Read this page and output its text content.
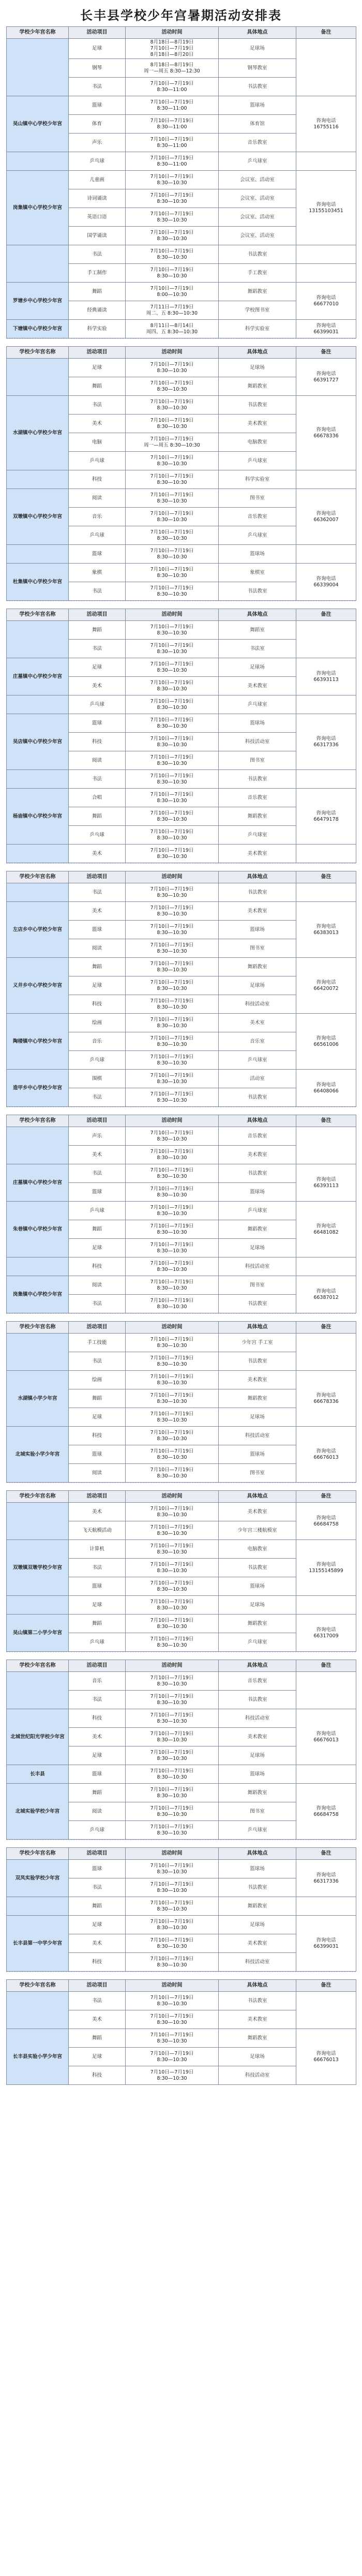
长丰县学校少年宫暑期活动安排表
学校少年宫名称	活动项目	活动时间	具体地点	备注
	足球	8月18日—8月19日
7月10日—7月19日
8月18日—8月20日	足球场	
	钢琴	8月18日—8月19日
周一—周五 8:30—12:30	钢琴教室	
	书法	7月10日—7月19日
8:30—11:00	书法教室	
吴山镇中心学校少年宫	篮球	7月10日—7月19日
8:30—11:00	篮球场	咨询电话
16755116
	体育	7月10日—7月19日
8:30—11:00	体育馆	
	声乐	7月10日—7月19日
8:30—11:00	音乐教室	
	乒乓球	7月10日—7月19日
8:30—11:00	乒乓球室	
岗集镇中心学校少年宫	儿童画	7月10日—7月19日
8:30—10:30	会议室、活动室	咨询电话
13155103451
	诗词诵读	7月10日—7月19日
8:30—10:30	会议室、活动室	
	英语口语	7月10日—7月19日
8:30—10:30	会议室、活动室	
	国学诵读	7月10日—7月19日
8:30—10:30	会议室、活动室	
	书法	7月10日—7月19日
8:30—10:30	书法教室	
	手工制作	7月10日—7月19日
8:30—10:30	手工教室	
罗塘乡中心学校少年宫	舞蹈	7月10日—7月19日
8:00—10:30	舞蹈教室	咨询电话
66677010
	经典诵读	7月11日—7月19日
周二、五 8:30—10:30	学校图书室	
下塘镇中心学校少年宫	科学实验	8月11日—8月14日
周四、五 8:30—10:30	科学实验室	咨询电话
66399031
学校少年宫名称	活动项目	活动时间	具体地点	备注
	足球	7月10日—7月19日
8:30—10:30	足球场	咨询电话
66391727
	舞蹈	7月10日—7月19日
8:30—10:30	舞蹈教室	
水湖镇中心学校少年宫	书法	7月10日—7月19日
8:30—10:30	书法教室	咨询电话
66678336
	美术	7月10日—7月19日
8:30—10:30	美术教室	
	电脑	7月10日—7月19日
周一—周五 8:30—10:30	电脑教室	
	乒乓球	7月10日—7月19日
8:30—10:30	乒乓球室	
	科技	7月10日—7月19日
8:30—10:30	科学实验室	
双墩镇中心学校少年宫	阅读	7月10日—7月19日
8:30—10:30	图书室	咨询电话
66362007
	音乐	7月10日—7月19日
8:30—10:30	音乐教室	
	乒乓球	7月10日—7月19日
8:30—10:30	乒乓球室	
	篮球	7月10日—7月19日
8:30—10:30	篮球场	
杜集镇中心学校少年宫	象棋	7月10日—7月19日
8:30—10:30	象棋室	咨询电话
66339004
	书法	7月10日—7月19日
8:30—10:30	书法教室	
学校少年宫名称	活动项目	活动时间	具体地点	备注
	舞蹈	7月10日—7月19日
8:30—10:30	舞蹈室	
	书法	7月10日—7月19日
8:30—10:30	书法室	
庄墓镇中心学校少年宫	足球	7月10日—7月19日
8:30—10:30	足球场	咨询电话
66393113
	美术	7月10日—7月19日
8:30—10:30	美术教室	
	乒乓球	7月10日—7月19日
8:30—10:30	乒乓球室	
吴店镇中心学校少年宫	篮球	7月10日—7月19日
8:30—10:30	篮球场	咨询电话
66317336
	科技	7月10日—7月19日
8:30—10:30	科技活动室	
	阅读	7月10日—7月19日
8:30—10:30	图书室	
	书法	7月10日—7月19日
8:30—10:30	书法教室	
杨庙镇中心学校少年宫	合唱	7月10日—7月19日
8:30—10:30	音乐教室	咨询电话
66479178
	舞蹈	7月10日—7月19日
8:30—10:30	舞蹈教室	
	乒乓球	7月10日—7月19日
8:30—10:30	乒乓球室	
	美术	7月10日—7月19日
8:30—10:30	美术教室	
学校少年宫名称	活动项目	活动时间	具体地点	备注
	书法	7月10日—7月19日
8:30—10:30	书法教室	
左店乡中心学校少年宫	美术	7月10日—7月19日
8:30—10:30	美术教室	咨询电话
66383013
	篮球	7月10日—7月19日
8:30—10:30	篮球场	
	阅读	7月10日—7月19日
8:30—10:30	图书室	
义井乡中心学校少年宫	舞蹈	7月10日—7月19日
8:30—10:30	舞蹈教室	咨询电话
66420072
	足球	7月10日—7月19日
8:30—10:30	足球场	
	科技	7月10日—7月19日
8:30—10:30	科技活动室	
陶楼镇中心学校少年宫	绘画	7月10日—7月19日
8:30—10:30	美术室	咨询电话
66561006
	音乐	7月10日—7月19日
8:30—10:30	音乐室	
	乒乓球	7月10日—7月19日
8:30—10:30	乒乓球室	
造甲乡中心学校少年宫	围棋	7月10日—7月19日
8:30—10:30	活动室	咨询电话
66408066
	书法	7月10日—7月19日
8:30—10:30	书法教室	
学校少年宫名称	活动项目	活动时间	具体地点	备注
	声乐	7月10日—7月19日
8:30—10:30	音乐教室	
	美术	7月10日—7月19日
8:30—10:30	美术教室	
庄墓镇中心学校少年宫	书法	7月10日—7月19日
8:30—10:30	书法教室	咨询电话
66393113
	篮球	7月10日—7月19日
8:30—10:30	篮球场	
朱巷镇中心学校少年宫	乒乓球	7月10日—7月19日
8:30—10:30	乒乓球室	咨询电话
66481082
	舞蹈	7月10日—7月19日
8:30—10:30	舞蹈教室	
	足球	7月10日—7月19日
8:30—10:30	足球场	
	科技	7月10日—7月19日
8:30—10:30	科技活动室	
岗集镇中心学校少年宫	阅读	7月10日—7月19日
8:30—10:30	图书室	咨询电话
66387012
	书法	7月10日—7月19日
8:30—10:30	书法教室	
学校少年宫名称	活动项目	活动时间	具体地点	备注
	手工技能	7月10日—7月19日
8:30—10:30	少年宫 手工室	
	书法	7月10日—7月19日
8:30—10:30	书法教室	
水湖镇小学少年宫	绘画	7月10日—7月19日
8:30—10:30	美术教室	咨询电话
66678336
	舞蹈	7月10日—7月19日
8:30—10:30	舞蹈教室	
	足球	7月10日—7月19日
8:30—10:30	足球场	
北城实验小学少年宫	科技	7月10日—7月19日
8:30—10:30	科技活动室	咨询电话
66676013
	篮球	7月10日—7月19日
8:30—10:30	篮球场	
	阅读	7月10日—7月19日
8:30—10:30	图书室	
学校少年宫名称	活动项目	活动时间	具体地点	备注
	美术	7月10日—7月19日
8:30—10:30	美术教室	咨询电话
66684758
	飞天航模活动	7月10日—7月19日
8:30—10:30	少年宫三楼航模室	
双墩镇双墩学校少年宫	计算机	7月10日—7月19日
8:30—10:30	电脑教室	咨询电话
13155145899
	书法	7月10日—7月19日
8:30—10:30	书法教室	
	篮球	7月10日—7月19日
8:30—10:30	篮球场	
	足球	7月10日—7月19日
8:30—10:30	足球场	
吴山镇第二小学少年宫	舞蹈	7月10日—7月19日
8:30—10:30	舞蹈教室	咨询电话
66317009
	乒乓球	7月10日—7月19日
8:30—10:30	乒乓球室	
学校少年宫名称	活动项目	活动时间	具体地点	备注
	音乐	7月10日—7月19日
8:30—10:30	音乐教室	
	书法	7月10日—7月19日
8:30—10:30	书法教室	
北城世纪阳光学校少年宫	科技	7月10日—7月19日
8:30—10:30	科技活动室	咨询电话
66676013
	美术	7月10日—7月19日
8:30—10:30	美术教室	
	足球	7月10日—7月19日
8:30—10:30	足球场	
长丰县	篮球	7月10日—7月19日
8:30—10:30	篮球场	
北城实验学校少年宫	舞蹈	7月10日—7月19日
8:30—10:30	舞蹈教室	咨询电话
66684758
	阅读	7月10日—7月19日
8:30—10:30	图书室	
	乒乓球	7月10日—7月19日
8:30—10:30	乒乓球室	
学校少年宫名称	活动项目	活动时间	具体地点	备注
双凤实验学校少年宫	篮球	7月10日—7月19日
8:30—10:30	篮球场	咨询电话
66317336
	书法	7月10日—7月19日
8:30—10:30	书法教室	
	舞蹈	7月10日—7月19日
8:30—10:30	舞蹈教室	
长丰县第一中学少年宫	足球	7月10日—7月19日
8:30—10:30	足球场	咨询电话
66399031
	美术	7月10日—7月19日
8:30—10:30	美术教室	
	科技	7月10日—7月19日
8:30—10:30	科技活动室	
学校少年宫名称	活动项目	活动时间	具体地点	备注
	书法	7月10日—7月19日
8:30—10:30	书法教室	
	美术	7月10日—7月19日
8:30—10:30	美术教室	
长丰县实验小学少年宫	舞蹈	7月10日—7月19日
8:30—10:30	舞蹈教室	咨询电话
66676013
	足球	7月10日—7月19日
8:30—10:30	足球场	
	科技	7月10日—7月19日
8:30—10:30	科技活动室	
